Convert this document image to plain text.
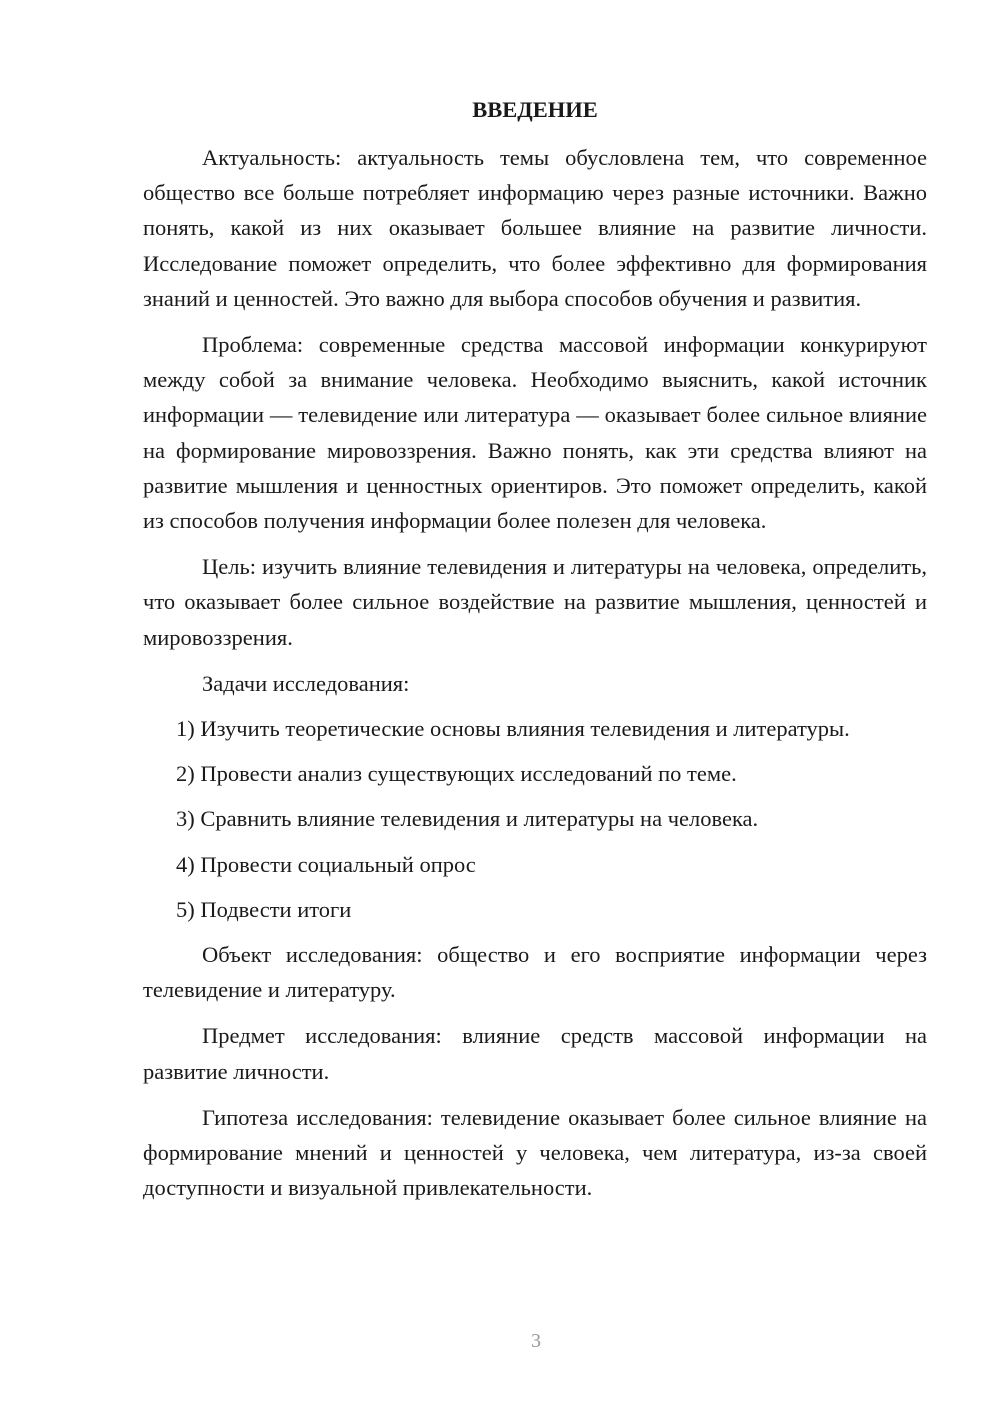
ВВЕДЕНИЕ

Актуальность: актуальность темы обусловлена тем, что современное общество все больше потребляет информацию через разные источники. Важно понять, какой из них оказывает большее влияние на развитие личности. Исследование поможет определить, что более эффективно для формирования знаний и ценностей. Это важно для выбора способов обучения и развития.

Проблема: современные средства массовой информации конкурируют между собой за внимание человека. Необходимо выяснить, какой источник информации — телевидение или литература — оказывает более сильное влияние на формирование мировоззрения. Важно понять, как эти средства влияют на развитие мышления и ценностных ориентиров. Это поможет определить, какой из способов получения информации более полезен для человека.

Цель: изучить влияние телевидения и литературы на человека, определить, что оказывает более сильное воздействие на развитие мышления, ценностей и мировоззрения.

Задачи исследования:

1) Изучить теоретические основы влияния телевидения и литературы.
2) Провести анализ существующих исследований по теме.
3) Сравнить влияние телевидения и литературы на человека.
4) Провести социальный опрос
5) Подвести итоги

Объект исследования: общество и его восприятие информации через телевидение и литературу.

Предмет исследования: влияние средств массовой информации на развитие личности.

Гипотеза исследования: телевидение оказывает более сильное влияние на формирование мнений и ценностей у человека, чем литература, из-за своей доступности и визуальной привлекательности.

3
